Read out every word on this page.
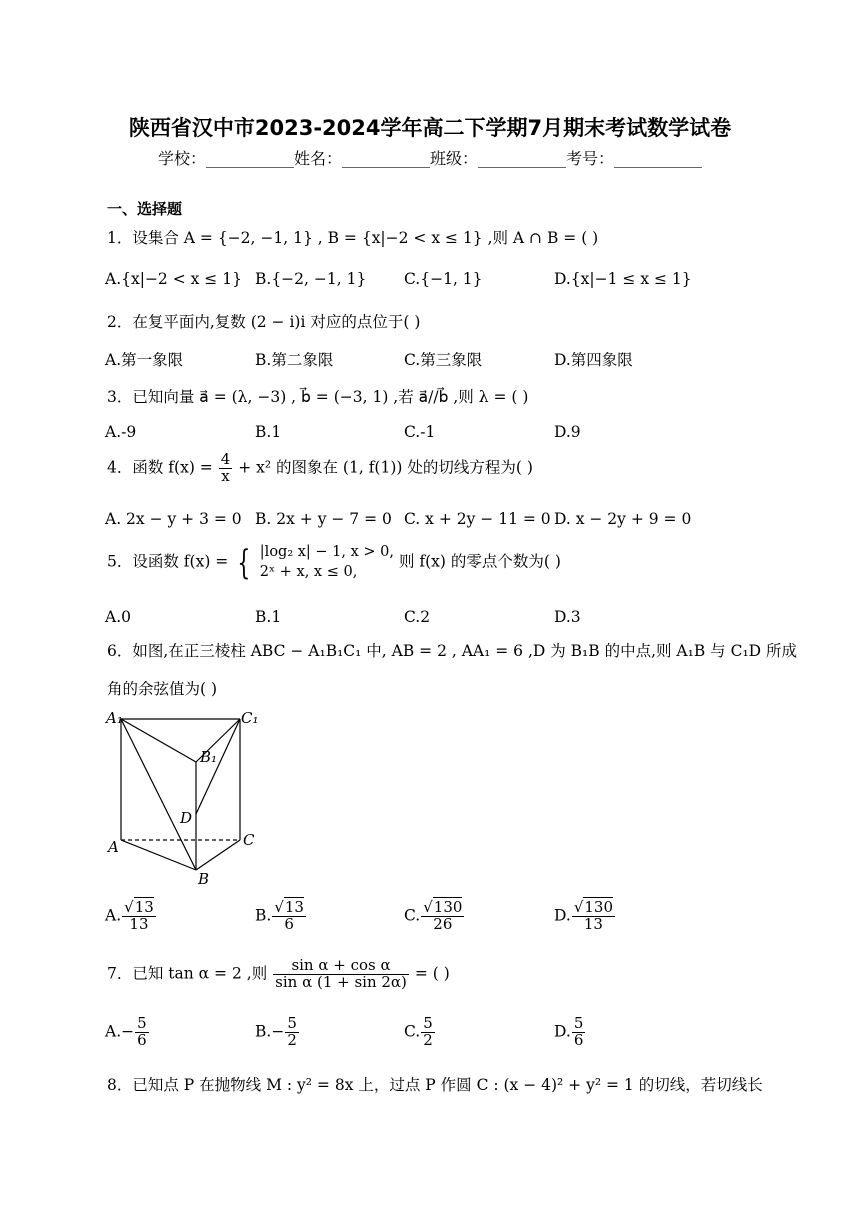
陕西省汉中市2023-2024学年高二下学期7月期末考试数学试卷
学校：___________姓名：___________班级：___________考号：___________
一、选择题
1．设集合 A = {−2, −1, 1} , B = {x|−2 < x ≤ 1} ,则 A ∩ B = ( )
A.{x|−2 < x ≤ 1} B.{−2, −1, 1} C.{−1, 1}	D.{x|−1 ≤ x ≤ 1}
2．在复平面内,复数 (2 − i)i 对应的点位于( )
A.第一象限	B.第二象限	C.第三象限	D.第四象限
3．已知向量 a⃗ = (λ, −3) , b⃗ = (−3, 1) ,若 a⃗//b⃗ ,则 λ = ( )
A.-9	B.1	C.-1	D.9
4．函数 $f(x) = \frac{4}{x} + x^2$ 的图象在 (1, f(1)) 处的切线方程为( )
A. 2x − y + 3 = 0 B. 2x + y − 7 = 0 C. x + 2y − 11 = 0 D. x − 2y + 9 = 0
5．设函数 f(x) = { |log₂ x| − 1, x > 0,
2ˣ + x, x ≤ 0,
则 f(x) 的零点个数为( )
A.0	B.1	C.2	D.3
6．如图,在正三棱柱 ABC − A₁B₁C₁ 中, AB = 2 , AA₁ = 6 ,D 为 B₁B 的中点,则 A₁B 与 C₁D 所成
角的余弦值为( )
A₁	C₁
B₁
D
A	C
B
A. $\frac{√13}{13}$	B. $\frac{√13}{6}$	C. $\frac{√130}{26}$	D. $\frac{√130}{13}$
7．已知 tan α = 2 ,则 $\frac{\text{sin α + cos α}}{\text{sin α (1 + sin 2α)}}$ = ( )
$A.- \frac{5}{6}$	$B.- \frac{5}{2}$	C. $\frac{5}{2}$	D. $\frac{5}{6}$
8．已知点 P 在抛物线 M : y² = 8x 上，过点 P 作圆 C : (x − 4)² + y² = 1 的切线，若切线长
